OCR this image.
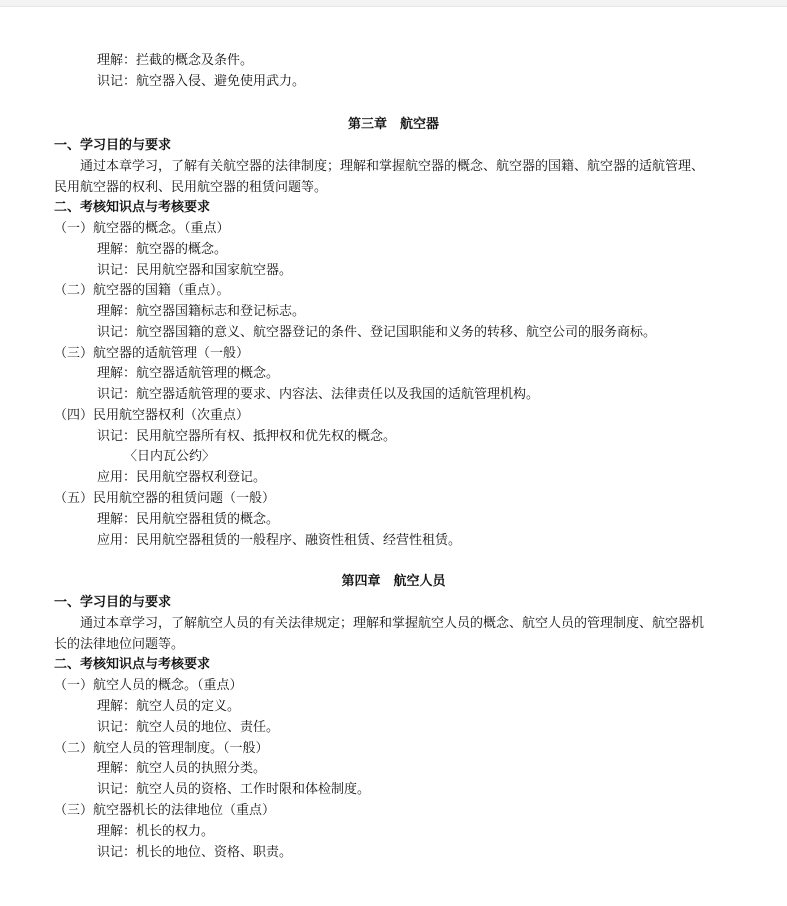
理解：拦截的概念及条件。
识记：航空器入侵、避免使用武力。
第三章　航空器
一、学习目的与要求
通过本章学习，了解有关航空器的法律制度；理解和掌握航空器的概念、航空器的国籍、航空器的适航管理、
民用航空器的权利、民用航空器的租赁问题等。
二、考核知识点与考核要求
（一）航空器的概念。（重点）
理解：航空器的概念。
识记：民用航空器和国家航空器。
（二）航空器的国籍（重点）。
理解：航空器国籍标志和登记标志。
识记：航空器国籍的意义、航空器登记的条件、登记国职能和义务的转移、航空公司的服务商标。
（三）航空器的适航管理（一般）
理解：航空器适航管理的概念。
识记：航空器适航管理的要求、内容法、法律责任以及我国的适航管理机构。
（四）民用航空器权利（次重点）
识记：民用航空器所有权、抵押权和优先权的概念。
〈日内瓦公约〉
应用：民用航空器权利登记。
（五）民用航空器的租赁问题（一般）
理解：民用航空器租赁的概念。
应用：民用航空器租赁的一般程序、融资性租赁、经营性租赁。
第四章　航空人员
一、学习目的与要求
通过本章学习，了解航空人员的有关法律规定；理解和掌握航空人员的概念、航空人员的管理制度、航空器机
长的法律地位问题等。
二、考核知识点与考核要求
（一）航空人员的概念。（重点）
理解：航空人员的定义。
识记：航空人员的地位、责任。
（二）航空人员的管理制度。（一般）
理解：航空人员的执照分类。
识记：航空人员的资格、工作时限和体检制度。
（三）航空器机长的法律地位（重点）
理解：机长的权力。
识记：机长的地位、资格、职责。
